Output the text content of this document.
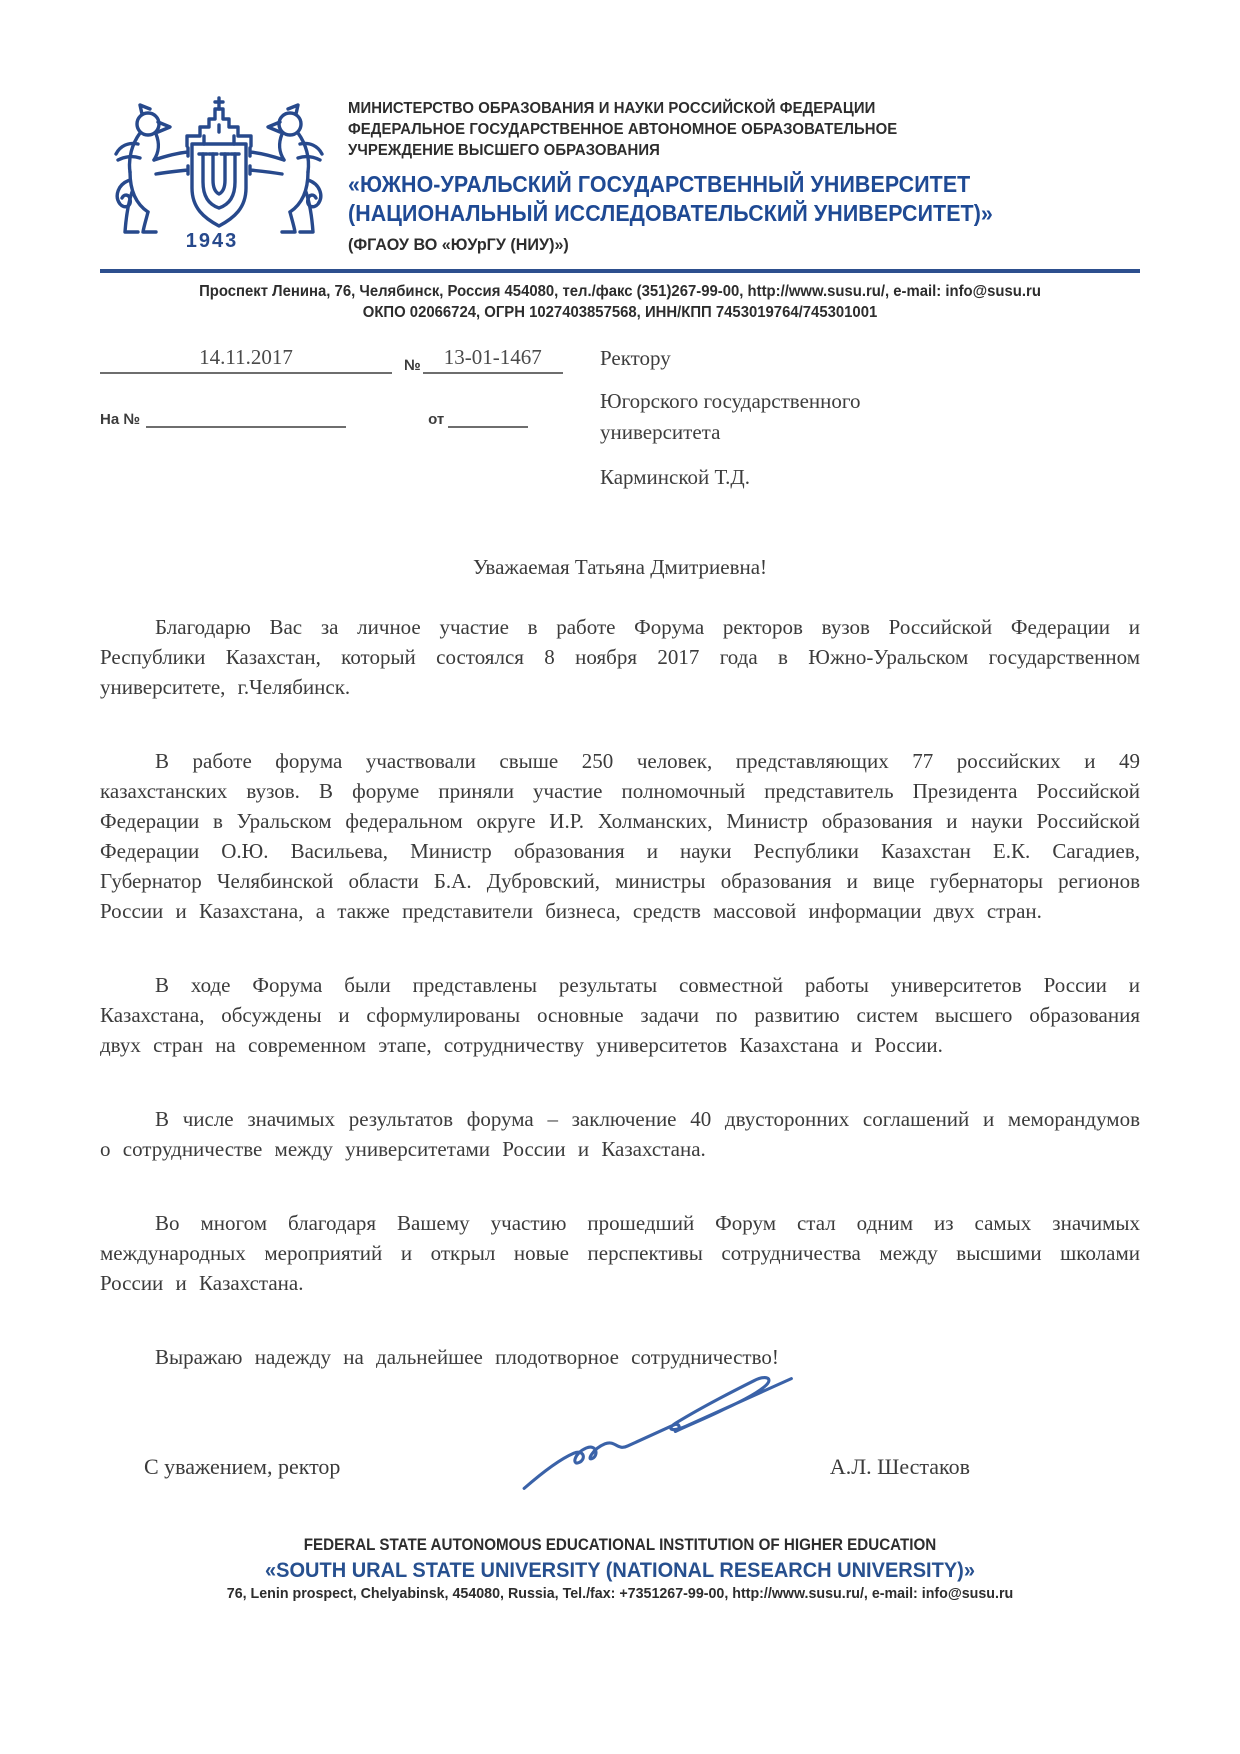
1943
МИНИСТЕРСТВО ОБРАЗОВАНИЯ И НАУКИ РОССИЙСКОЙ ФЕДЕРАЦИИ
ФЕДЕРАЛЬНОЕ ГОСУДАРСТВЕННОЕ АВТОНОМНОЕ ОБРАЗОВАТЕЛЬНОЕ
УЧРЕЖДЕНИЕ ВЫСШЕГО ОБРАЗОВАНИЯ
«ЮЖНО-УРАЛЬСКИЙ ГОСУДАРСТВЕННЫЙ УНИВЕРСИТЕТ
(НАЦИОНАЛЬНЫЙ ИССЛЕДОВАТЕЛЬСКИЙ УНИВЕРСИТЕТ)»
(ФГАОУ ВО «ЮУрГУ (НИУ)»)
Проспект Ленина, 76, Челябинск, Россия 454080, тел./факс (351)267-99-00, http://www.susu.ru/, e-mail: info@susu.ru
ОКПО 02066724, ОГРН 1027403857568, ИНН/КПП 7453019764/745301001
14.11.2017	№	13-01-1467
На №	от
Ректору
Югорского государственного университета
Карминской Т.Д.

Уважаемая Татьяна Дмитриевна!

Благодарю Вас за личное участие в работе Форума ректоров вузов Российской Федерации и Республики Казахстан, который состоялся 8 ноября 2017 года в Южно-Уральском государственном университете, г.Челябинск.

В работе форума участвовали свыше 250 человек, представляющих 77 российских и 49 казахстанских вузов. В форуме приняли участие полномочный представитель Президента Российской Федерации в Уральском федеральном округе И.Р. Холманских, Министр образования и науки Российской Федерации О.Ю. Васильева, Министр образования и науки Республики Казахстан Е.К. Сагадиев, Губернатор Челябинской области Б.А. Дубровский, министры образования и вице губернаторы регионов России и Казахстана, а также представители бизнеса, средств массовой информации двух стран.

В ходе Форума были представлены результаты совместной работы университетов России и Казахстана, обсуждены и сформулированы основные задачи по развитию систем высшего образования двух стран на современном этапе, сотрудничеству университетов Казахстана и России.

В числе значимых результатов форума – заключение 40 двусторонних соглашений и меморандумов о сотрудничестве между университетами России и Казахстана.

Во многом благодаря Вашему участию прошедший Форум стал одним из самых значимых международных мероприятий и открыл новые перспективы сотрудничества между высшими школами России и Казахстана.

Выражаю надежду на дальнейшее плодотворное сотрудничество!

С уважением, ректор	А.Л. Шестаков
FEDERAL STATE AUTONOMOUS EDUCATIONAL INSTITUTION OF HIGHER EDUCATION
«SOUTH URAL STATE UNIVERSITY (NATIONAL RESEARCH UNIVERSITY)»
76, Lenin prospect, Chelyabinsk, 454080, Russia, Tel./fax: +7351267-99-00, http://www.susu.ru/, e-mail: info@susu.ru
